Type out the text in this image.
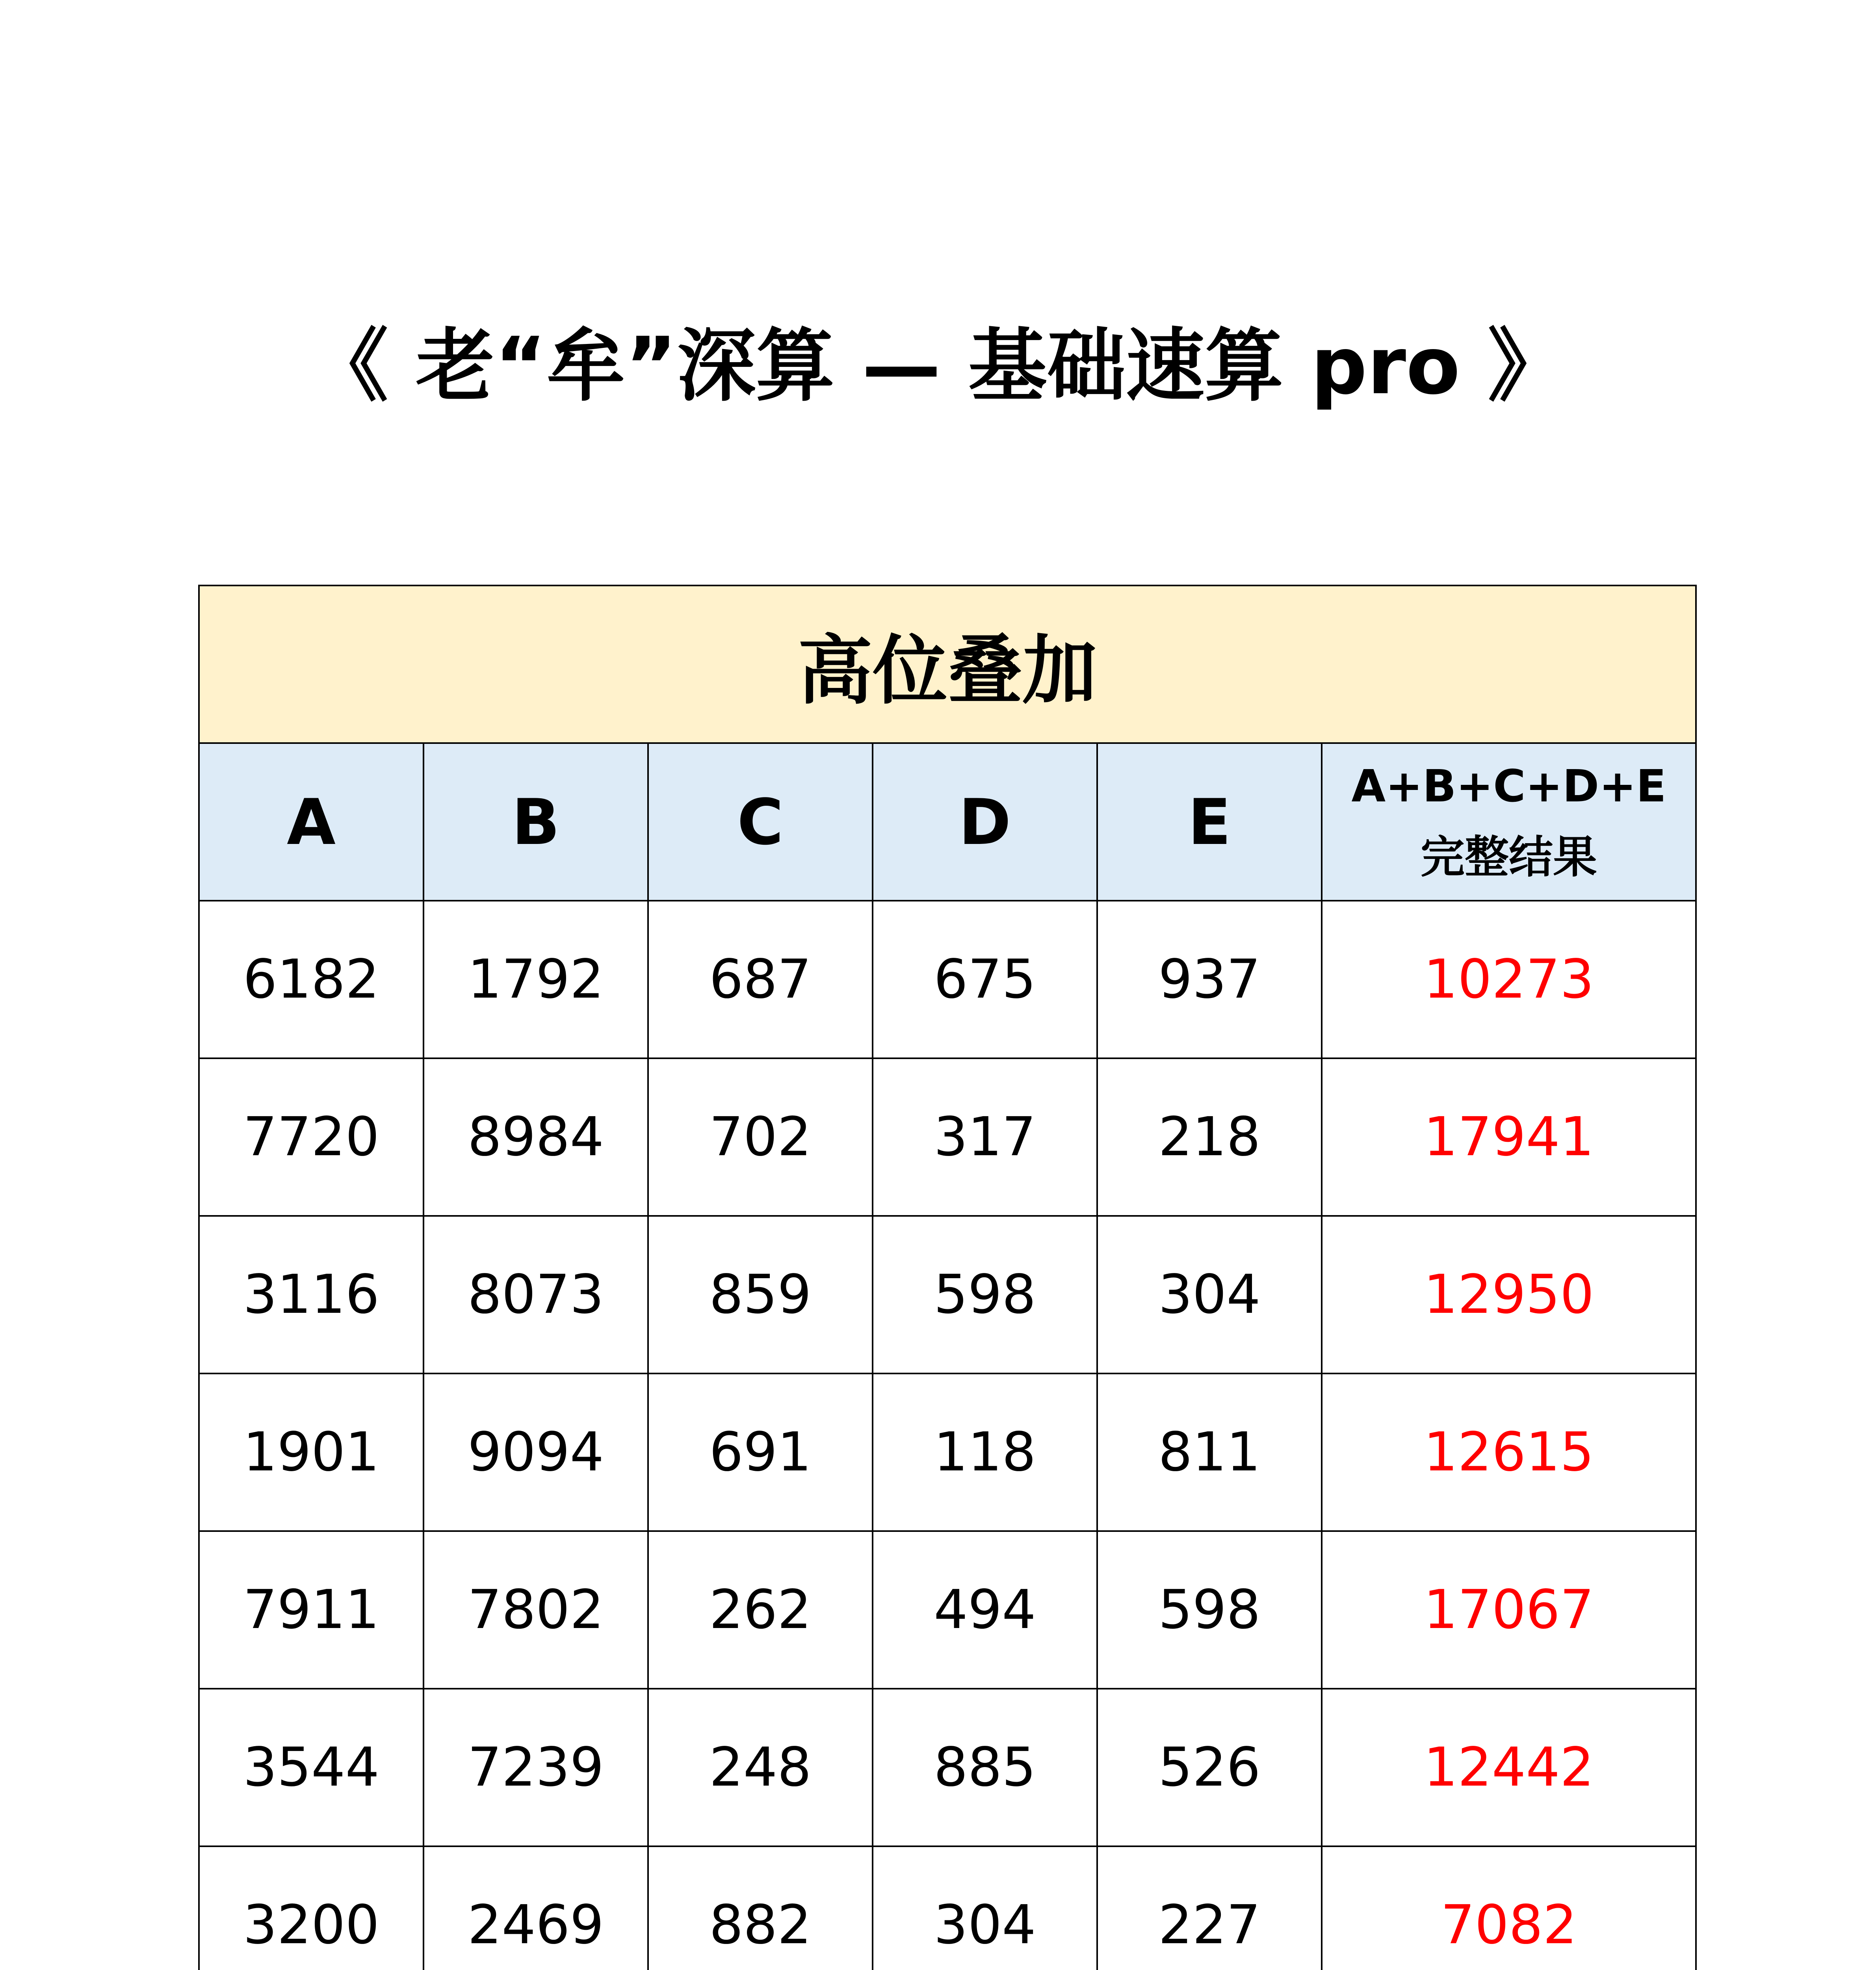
《 老“牟”深算 — 基础速算 pro 》
高位叠加					
A	B	C	D	E	A+B+C+D+E
完整结果

6182	1792	687	675	937	10273
7720	8984	702	317	218	17941
3116	8073	859	598	304	12950
1901	9094	691	118	811	12615
7911	7802	262	494	598	17067
3544	7239	248	885	526	12442
3200	2469	882	304	227	7082
